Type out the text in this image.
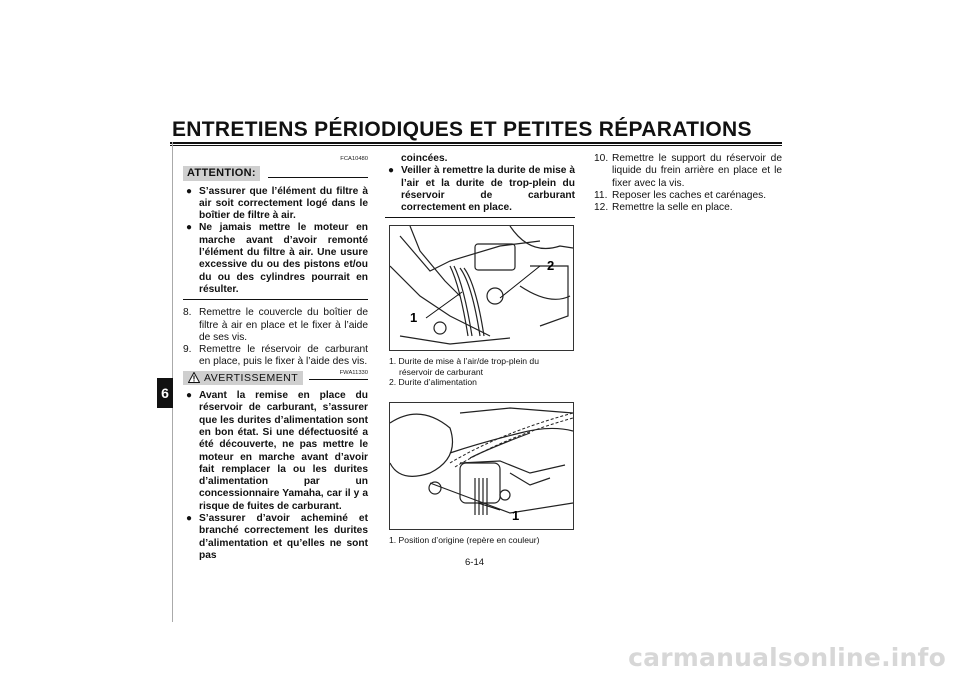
ENTRETIENS PÉRIODIQUES ET PETITES RÉPARATIONS
6
FCA10480
ATTENTION:
● S’assurer que l’élément du filtre à air soit correctement logé dans le boîtier de filtre à air.
● Ne jamais mettre le moteur en marche avant d’avoir remonté l’élément du filtre à air. Une usure excessive du ou des pistons et/ou du ou des cylindres pourrait en résulter.
8. Remettre le couvercle du boîtier de filtre à air en place et le fixer à l’aide de ses vis.
9. Remettre le réservoir de carburant en place, puis le fixer à l’aide des vis.
AVERTISSEMENT	FWA11330
● Avant la remise en place du réservoir de carburant, s’assurer que les durites d’alimentation sont en bon état. Si une défectuosité a été découverte, ne pas mettre le moteur en marche avant d’avoir fait remplacer la ou les durites d’alimentation par un concessionnaire Yamaha, car il y a risque de fuites de carburant.
● S’assurer d’avoir acheminé et branché correctement les durites d’alimentation et qu’elles ne sont pas
coincées.
● Veiller à remettre la durite de mise à l’air et la durite de trop-plein du réservoir de carburant correctement en place.
1
2
1. Durite de mise à l’air/de trop-plein du réservoir de carburant
2. Durite d’alimentation
1
1. Position d’origine (repère en couleur)
10. Remettre le support du réservoir de liquide du frein arrière en place et le fixer avec la vis.
11. Reposer les caches et carénages.
12. Remettre la selle en place.
6-14
carmanualsonline.info
